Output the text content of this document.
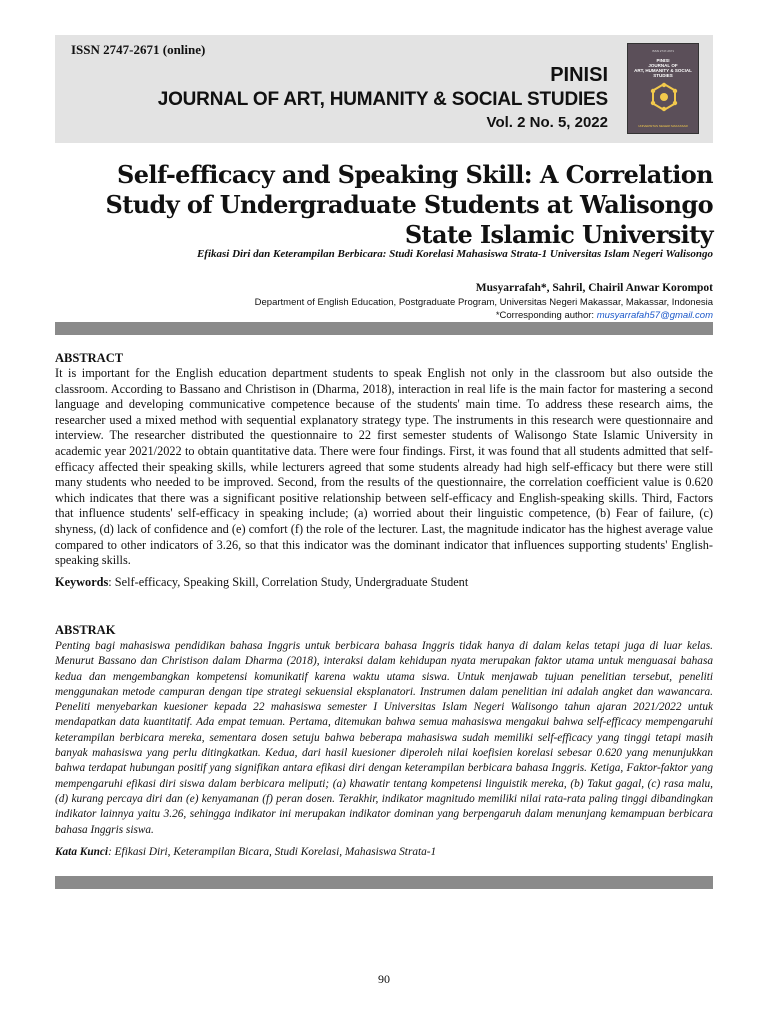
ISSN 2747-2671 (online)
PINISI
JOURNAL OF ART, HUMANITY & SOCIAL STUDIES
Vol. 2 No. 5, 2022
ISSN 2747-2671
PINISI
JOURNAL OF
ART, HUMANITY & SOCIAL
STUDIES
UNIVERSITAS NEGERI MAKASSAR
Self-efficacy and Speaking Skill: A Correlation Study of Undergraduate Students at Walisongo State Islamic University
Efikasi Diri dan Keterampilan Berbicara: Studi Korelasi Mahasiswa Strata-1 Universitas Islam Negeri Walisongo
Musyarrafah*, Sahril, Chairil Anwar Korompot
Department of English Education, Postgraduate Program, Universitas Negeri Makassar, Makassar, Indonesia
*Corresponding author: musyarrafah57@gmail.com
ABSTRACT
It is important for the English education department students to speak English not only in the classroom but also outside the classroom. According to Bassano and Christison in (Dharma, 2018), interaction in real life is the main factor for mastering a second language and developing communicative competence because of the students' main time. To address these research aims, the researcher used a mixed method with sequential explanatory strategy type. The instruments in this research were questionnaire and interview. The researcher distributed the questionnaire to 22 first semester students of Walisongo State Islamic University in academic year 2021/2022 to obtain quantitative data. There were four findings. First, it was found that all students admitted that self-efficacy affected their speaking skills, while lecturers agreed that some students already had high self-efficacy but there were still many students who needed to be improved. Second, from the results of the questionnaire, the correlation coefficient value is 0.620 which indicates that there was a significant positive relationship between self-efficacy and English-speaking skills. Third, Factors that influence students' self-efficacy in speaking include; (a) worried about their linguistic competence, (b) Fear of failure, (c) shyness, (d) lack of confidence and (e) comfort (f) the role of the lecturer. Last, the magnitude indicator has the highest average value compared to other indicators of 3.26, so that this indicator was the dominant indicator that influences supporting students' English-speaking skills.
Keywords: Self-efficacy, Speaking Skill, Correlation Study, Undergraduate Student
ABSTRAK
Penting bagi mahasiswa pendidikan bahasa Inggris untuk berbicara bahasa Inggris tidak hanya di dalam kelas tetapi juga di luar kelas. Menurut Bassano dan Christison dalam Dharma (2018), interaksi dalam kehidupan nyata merupakan faktor utama untuk menguasai bahasa kedua dan mengembangkan kompetensi komunikatif karena waktu utama siswa. Untuk menjawab tujuan penelitian tersebut, peneliti menggunakan metode campuran dengan tipe strategi sekuensial eksplanatori. Instrumen dalam penelitian ini adalah angket dan wawancara. Peneliti menyebarkan kuesioner kepada 22 mahasiswa semester I Universitas Islam Negeri Walisongo tahun ajaran 2021/2022 untuk mendapatkan data kuantitatif. Ada empat temuan. Pertama, ditemukan bahwa semua mahasiswa mengakui bahwa self-efficacy mempengaruhi keterampilan berbicara mereka, sementara dosen setuju bahwa beberapa mahasiswa sudah memiliki self-efficacy yang tinggi tetapi masih banyak mahasiswa yang perlu ditingkatkan. Kedua, dari hasil kuesioner diperoleh nilai koefisien korelasi sebesar 0.620 yang menunjukkan bahwa terdapat hubungan positif yang signifikan antara efikasi diri dengan keterampilan berbicara bahasa Inggris. Ketiga, Faktor-faktor yang mempengaruhi efikasi diri siswa dalam berbicara meliputi; (a) khawatir tentang kompetensi linguistik mereka, (b) Takut gagal, (c) rasa malu, (d) kurang percaya diri dan (e) kenyamanan (f) peran dosen. Terakhir, indikator magnitudo memiliki nilai rata-rata paling tinggi dibandingkan indikator lainnya yaitu 3.26, sehingga indikator ini merupakan indikator dominan yang berpengaruh dalam menunjang kemampuan berbicara bahasa Inggris siswa.
Kata Kunci: Efikasi Diri, Keterampilan Bicara, Studi Korelasi, Mahasiswa Strata-1
90
